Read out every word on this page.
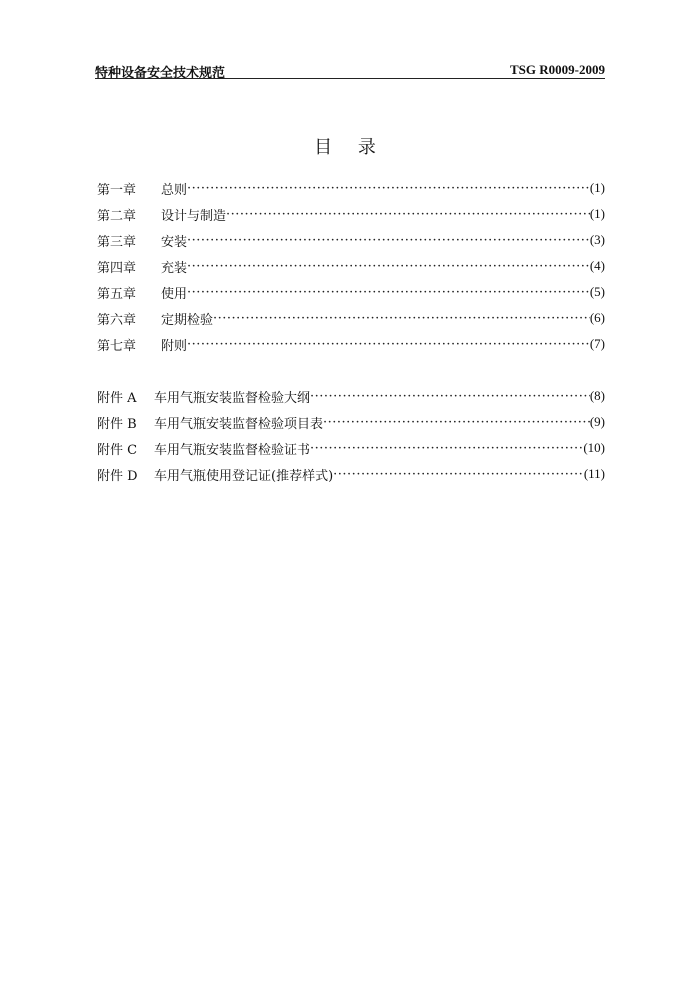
特种设备安全技术规范	TSG R0009-2009
目 录
第一章	总则 ·····	(1)
第二章	设计与制造 ·····	(1)
第三章	安装 ·····	(3)
第四章	充装 ·····	(4)
第五章	使用 ·····	(5)
第六章	定期检验 ·····	(6)
第七章	附则 ·····	(7)
附件 A	车用气瓶安装监督检验大纲 ·····	(8)
附件 B	车用气瓶安装监督检验项目表 ·····	(9)
附件 C	车用气瓶安装监督检验证书 ·····	(10)
附件 D	车用气瓶使用登记证(推荐样式) ·····	(11)
